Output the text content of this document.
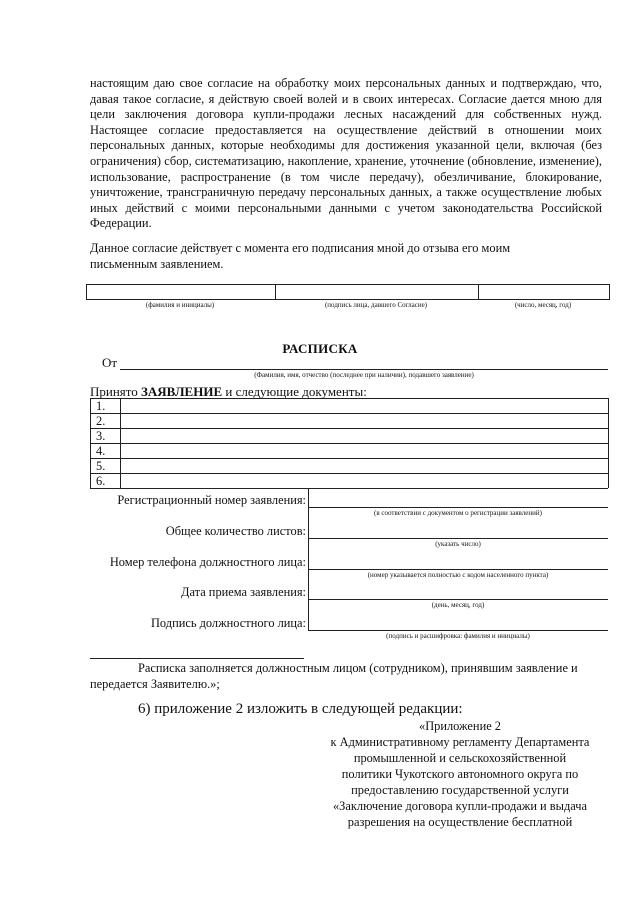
настоящим даю свое согласие на обработку моих персональных данных и подтверждаю, что, давая такое согласие, я действую своей волей и в своих интересах. Согласие дается мною для цели заключения договора купли-продажи лесных насаждений для собственных нужд. Настоящее согласие предоставляется на осуществление действий в отношении моих персональных данных, которые необходимы для достижения указанной цели, включая (без ограничения) сбор, систематизацию, накопление, хранение, уточнение (обновление, изменение), использование, распространение (в том числе передачу), обезличивание, блокирование, уничтожение, трансграничную передачу персональных данных, а также осуществление любых иных действий с моими персональными данными с учетом законодательства Российской Федерации.
Данное согласие действует с момента его подписания мной до отзыва его моим
письменным заявлением.
(фамилия и инициалы)	(подпись лица, давшего Согласие)	(число, месяц, год)
РАСПИСКА
От
(Фамилия, имя, отчество (последнее при наличии), подавшего заявление)
Принято ЗАЯВЛЕНИЕ и следующие документы:
1.
2.
3.
4.
5.
6.
Регистрационный номер заявления:
(в соответствии с документом о регистрации заявлений)
Общее количество листов:
(указать число)
Номер телефона должностного лица:
(номер указывается полностью с кодом населенного пункта)
Дата приема заявления:
(день, месяц, год)
Подпись должностного лица:
(подпись и расшифровка: фамилия и инициалы)
Расписка заполняется должностным лицом (сотрудником), принявшим заявление и
передается Заявителю.»;
6) приложение 2 изложить в следующей редакции:
«Приложение 2
к Административному регламенту Департамента
промышленной и сельскохозяйственной
политики Чукотского автономного округа по
предоставлению государственной услуги
«Заключение договора купли-продажи и выдача
разрешения на осуществление бесплатной
